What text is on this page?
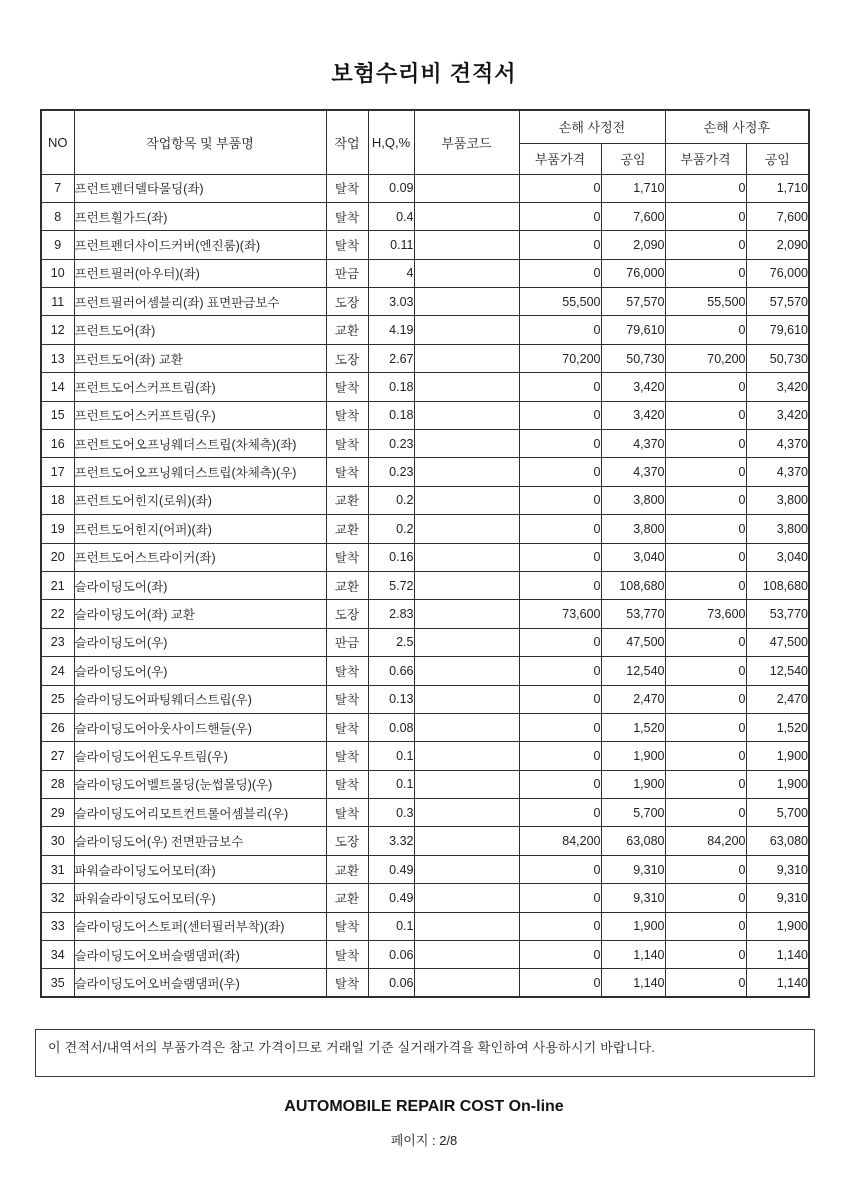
보험수리비 견적서
NO	작업항목 및 부품명	작업	H,Q,%	부품코드	손해 사정전		손해 사정후	
					부품가격	공임	부품가격	공임
7	프런트펜더델타몰딩(좌)	탈착	0.09		0	1,710	0	1,710
8	프런트휠가드(좌)	탈착	0.4		0	7,600	0	7,600
9	프런트펜더사이드커버(엔진룸)(좌)	탈착	0.11		0	2,090	0	2,090
10	프런트필러(아우터)(좌)	판금	4		0	76,000	0	76,000
11	프런트필러어셈블리(좌) 표면판금보수	도장	3.03		55,500	57,570	55,500	57,570
12	프런트도어(좌)	교환	4.19		0	79,610	0	79,610
13	프런트도어(좌) 교환	도장	2.67		70,200	50,730	70,200	50,730
14	프런트도어스커프트림(좌)	탈착	0.18		0	3,420	0	3,420
15	프런트도어스커프트림(우)	탈착	0.18		0	3,420	0	3,420
16	프런트도어오프닝웨더스트립(차체측)(좌)	탈착	0.23		0	4,370	0	4,370
17	프런트도어오프닝웨더스트립(차체측)(우)	탈착	0.23		0	4,370	0	4,370
18	프런트도어힌지(로워)(좌)	교환	0.2		0	3,800	0	3,800
19	프런트도어힌지(어퍼)(좌)	교환	0.2		0	3,800	0	3,800
20	프런트도어스트라이커(좌)	탈착	0.16		0	3,040	0	3,040
21	슬라이딩도어(좌)	교환	5.72		0	108,680	0	108,680
22	슬라이딩도어(좌) 교환	도장	2.83		73,600	53,770	73,600	53,770
23	슬라이딩도어(우)	판금	2.5		0	47,500	0	47,500
24	슬라이딩도어(우)	탈착	0.66		0	12,540	0	12,540
25	슬라이딩도어파팅웨더스트립(우)	탈착	0.13		0	2,470	0	2,470
26	슬라이딩도어아웃사이드핸들(우)	탈착	0.08		0	1,520	0	1,520
27	슬라이딩도어윈도우트림(우)	탈착	0.1		0	1,900	0	1,900
28	슬라이딩도어벨트몰딩(눈썹몰딩)(우)	탈착	0.1		0	1,900	0	1,900
29	슬라이딩도어리모트컨트롤어셈블리(우)	탈착	0.3		0	5,700	0	5,700
30	슬라이딩도어(우) 전면판금보수	도장	3.32		84,200	63,080	84,200	63,080
31	파워슬라이딩도어모터(좌)	교환	0.49		0	9,310	0	9,310
32	파워슬라이딩도어모터(우)	교환	0.49		0	9,310	0	9,310
33	슬라이딩도어스토퍼(센터필러부착)(좌)	탈착	0.1		0	1,900	0	1,900
34	슬라이딩도어오버슬램댐퍼(좌)	탈착	0.06		0	1,140	0	1,140
35	슬라이딩도어오버슬램댐퍼(우)	탈착	0.06		0	1,140	0	1,140
이 견적서/내역서의 부품가격은 참고 가격이므로 거래일 기준 실거래가격을 확인하여 사용하시기 바랍니다.
AUTOMOBILE REPAIR COST On-line
페이지 : 2/8
